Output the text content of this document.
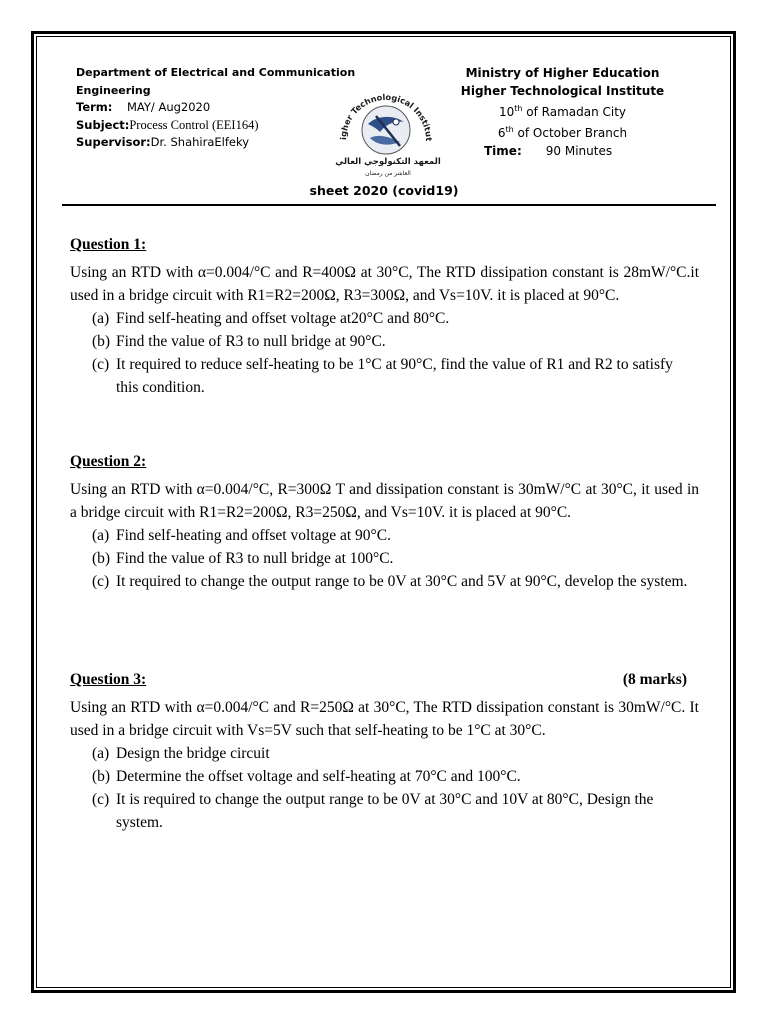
Department of Electrical and Communication Engineering
Term: MAY/ Aug2020
Subject:Process Control (EEI164)
Supervisor:Dr. ShahiraElfeky	igher Technological Institut
المعهد التكنولوجي العالي
العاشر من رمضان
Ministry of Higher Education
Higher Technological Institute
10th of Ramadan City
6th of October Branch
Time: 90 Minutes
sheet 2020 (covid19)
Question 1:

Using an RTD with α=0.004/°C and R=400Ω at 30°C, The RTD dissipation constant is 28mW/°C.it used in a bridge circuit with R1=R2=200Ω, R3=300Ω, and Vs=10V. it is placed at 90°C.

(a) Find self-heating and offset voltage at20°C and 80°C.
(b) Find the value of R3 to null bridge at 90°C.
(c) It required to reduce self-heating to be 1°C at 90°C, find the value of R1 and R2 to satisfy this condition.
Question 2:

Using an RTD with α=0.004/°C, R=300Ω T and dissipation constant is 30mW/°C at 30°C, it used in a bridge circuit with R1=R2=200Ω, R3=250Ω, and Vs=10V. it is placed at 90°C.

(a) Find self-heating and offset voltage at 90°C.
(b) Find the value of R3 to null bridge at 100°C.
(c) It required to change the output range to be 0V at 30°C and 5V at 90°C, develop the system.
Question 3:	(8 marks)

Using an RTD with α=0.004/°C and R=250Ω at 30°C, The RTD dissipation constant is 30mW/°C. It used in a bridge circuit with Vs=5V such that self-heating to be 1°C at 30°C.

(a) Design the bridge circuit
(b) Determine the offset voltage and self-heating at 70°C and 100°C.
(c) It is required to change the output range to be 0V at 30°C and 10V at 80°C, Design the system.
